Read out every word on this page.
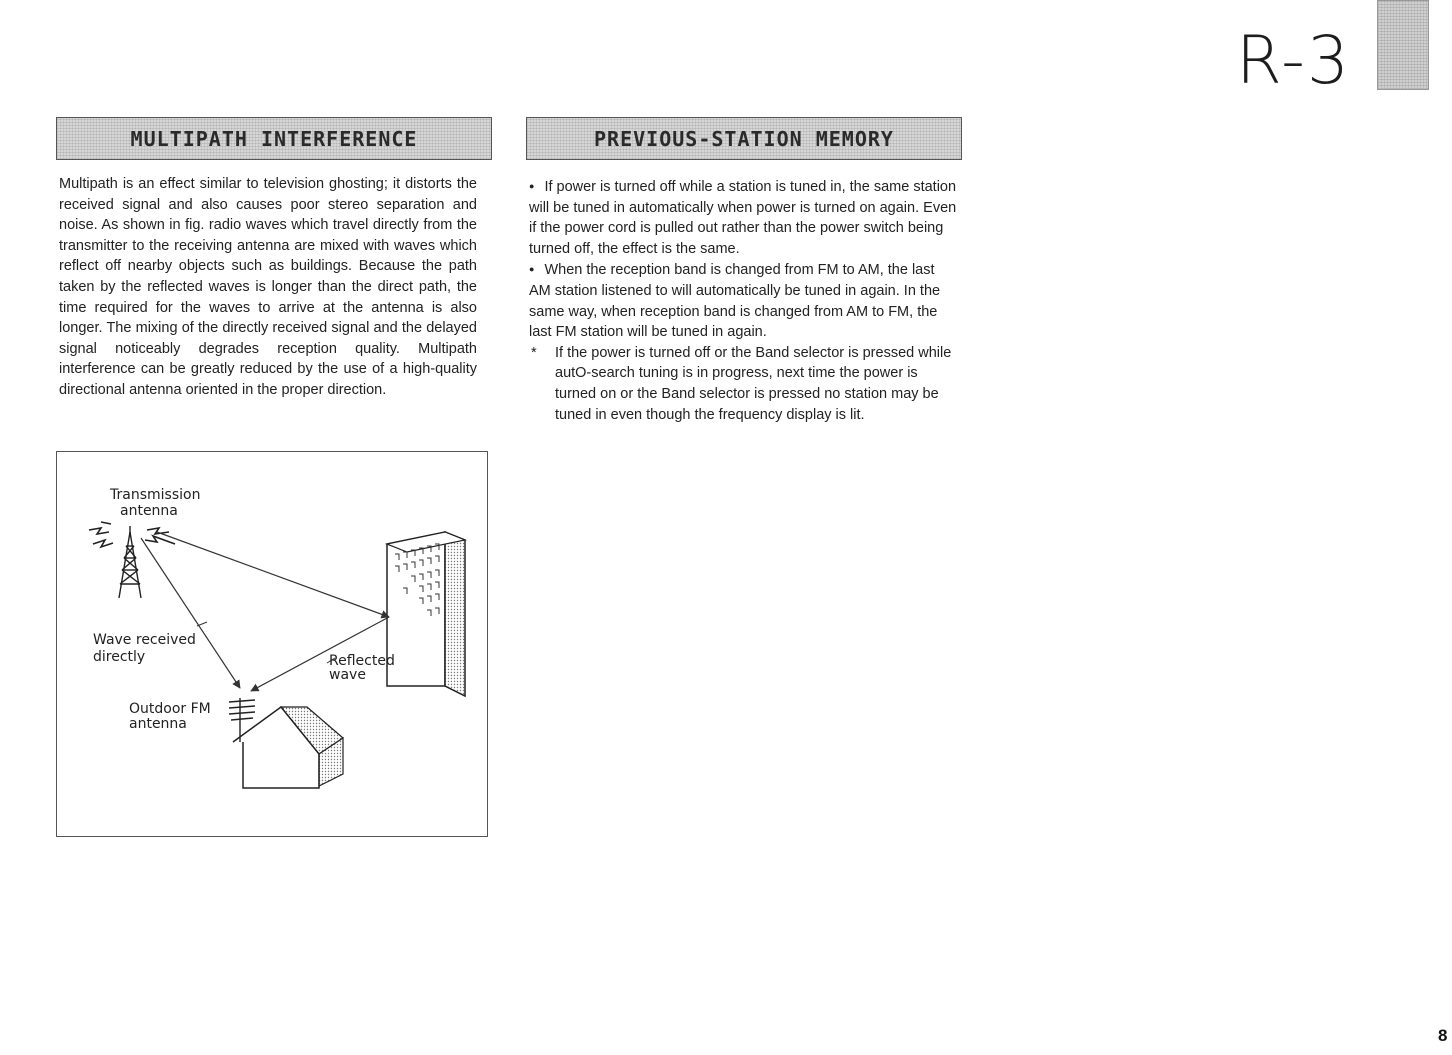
R-3
MULTIPATH INTERFERENCE

Multipath is an effect similar to television ghosting; it distorts the received signal and also causes poor stereo separation and noise. As shown in fig. radio waves which travel directly from the transmitter to the receiving antenna are mixed with waves which reflect off nearby objects such as buildings. Because the path taken by the reflected waves is longer than the direct path, the time required for the waves to arrive at the antenna is also longer. The mixing of the directly received signal and the delayed signal noticeably degrades reception quality. Multipath interference can be greatly reduced by the use of a high-quality directional antenna oriented in the proper direction.

Transmission
antenna
Wave received
directly	Reflected
wave
Outdoor FM
antenna
PREVIOUS-STATION MEMORY

● If power is turned off while a station is tuned in, the same station will be tuned in automatically when power is turned on again. Even if the power cord is pulled out rather than the power switch being turned off, the effect is the same.

● When the reception band is changed from FM to AM, the last AM station listened to will automatically be tuned in again. In the same way, when reception band is changed from AM to FM, the last FM station will be tuned in again.

* If the power is turned off or the Band selector is pressed while autO-search tuning is in progress, next time the power is turned on or the Band selector is pressed no station may be tuned in even though the frequency display is lit.

8
